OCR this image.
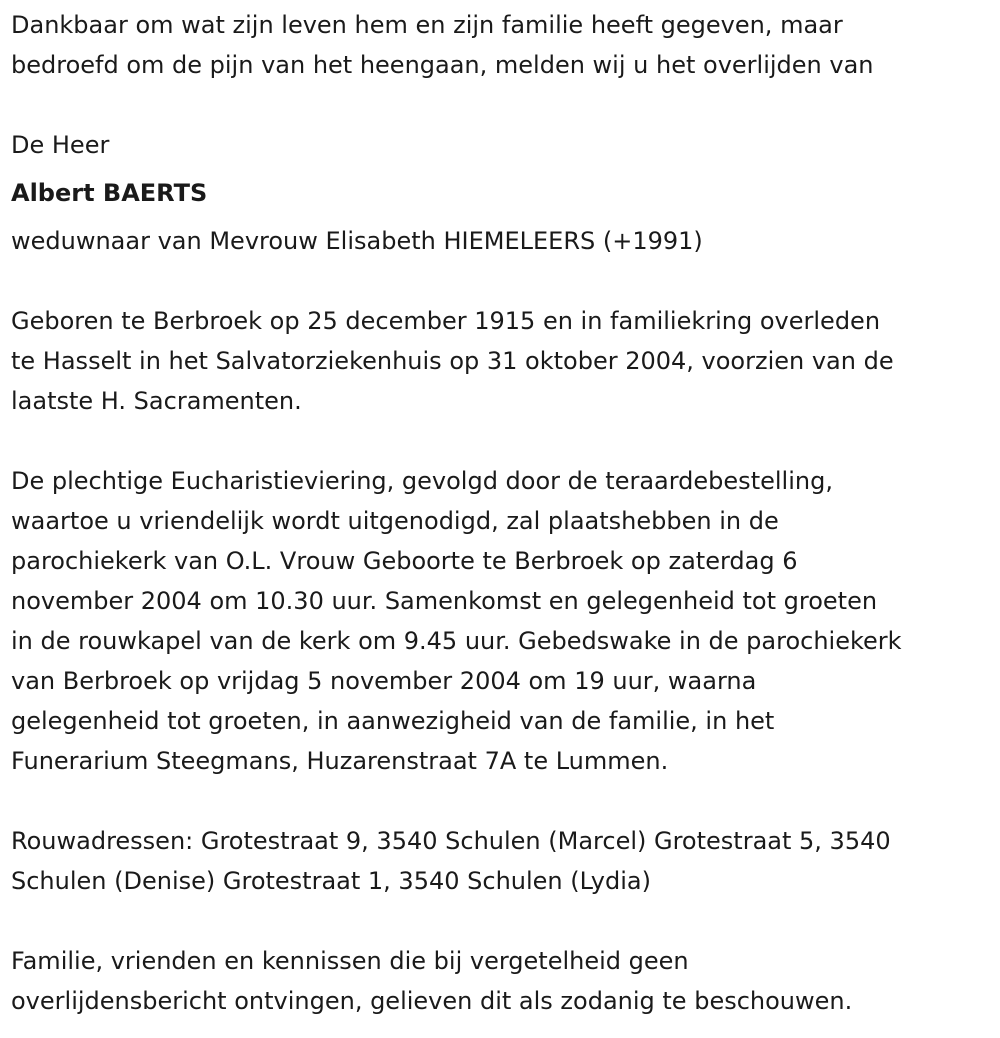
Dankbaar om wat zijn leven hem en zijn familie heeft gegeven, maar
bedroefd om de pijn van het heengaan, melden wij u het overlijden van
De Heer
Albert BAERTS
weduwnaar van Mevrouw Elisabeth HIEMELEERS (+1991)
Geboren te Berbroek op 25 december 1915 en in familiekring overleden
te Hasselt in het Salvatorziekenhuis op 31 oktober 2004, voorzien van de
laatste H. Sacramenten.
De plechtige Eucharistieviering, gevolgd door de teraardebestelling,
waartoe u vriendelijk wordt uitgenodigd, zal plaatshebben in de
parochiekerk van O.L. Vrouw Geboorte te Berbroek op zaterdag 6
november 2004 om 10.30 uur. Samenkomst en gelegenheid tot groeten
in de rouwkapel van de kerk om 9.45 uur. Gebedswake in de parochiekerk
van Berbroek op vrijdag 5 november 2004 om 19 uur, waarna
gelegenheid tot groeten, in aanwezigheid van de familie, in het
Funerarium Steegmans, Huzarenstraat 7A te Lummen.
Rouwadressen: Grotestraat 9, 3540 Schulen (Marcel) Grotestraat 5, 3540
Schulen (Denise) Grotestraat 1, 3540 Schulen (Lydia)
Familie, vrienden en kennissen die bij vergetelheid geen
overlijdensbericht ontvingen, gelieven dit als zodanig te beschouwen.
